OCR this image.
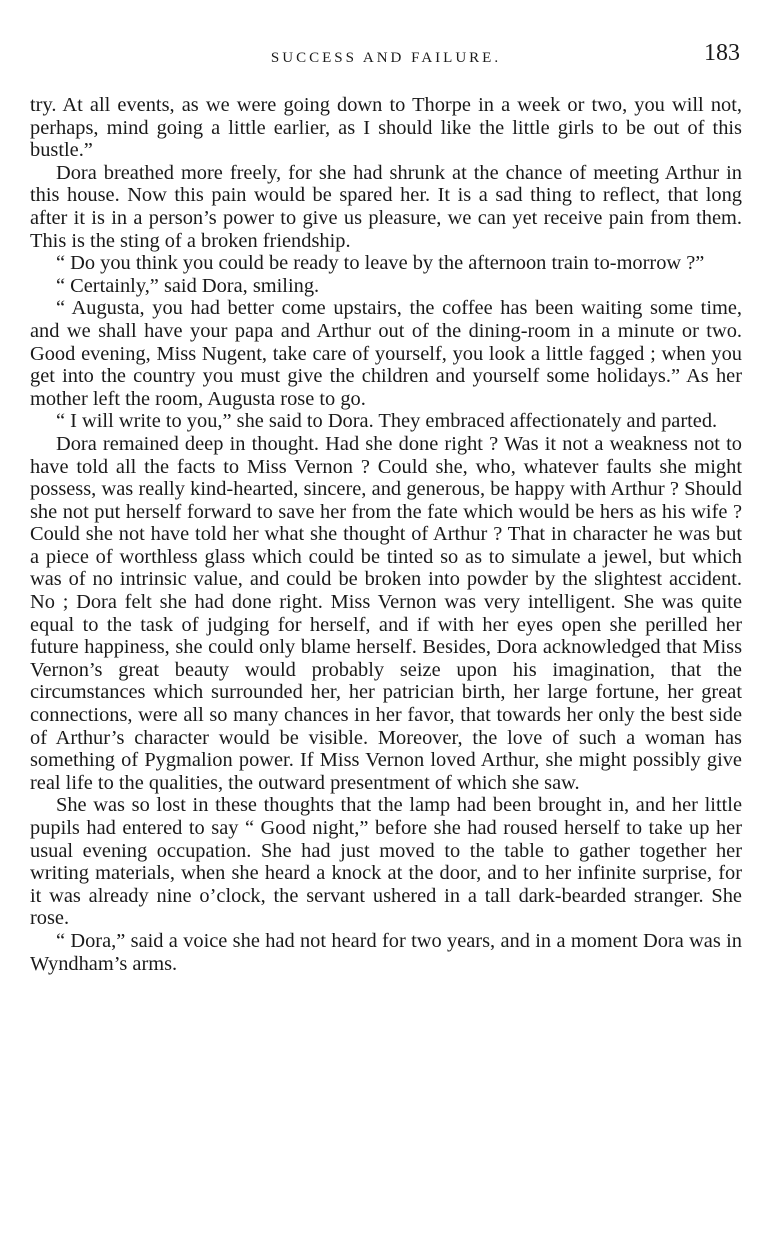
SUCCESS AND FAILURE.	183

try. At all events, as we were going down to Thorpe in a week or two, you will not, perhaps, mind going a little earlier, as I should like the little girls to be out of this bustle.”

Dora breathed more freely, for she had shrunk at the chance of meeting Arthur in this house. Now this pain would be spared her. It is a sad thing to reflect, that long after it is in a person’s power to give us pleasure, we can yet receive pain from them. This is the sting of a broken friendship.

“ Do you think you could be ready to leave by the afternoon train to-morrow ?”

“ Certainly,” said Dora, smiling.

“ Augusta, you had better come upstairs, the coffee has been waiting some time, and we shall have your papa and Arthur out of the dining-room in a minute or two. Good evening, Miss Nugent, take care of yourself, you look a little fagged ; when you get into the country you must give the children and yourself some holidays.” As her mother left the room, Augusta rose to go.

“ I will write to you,” she said to Dora. They embraced affectionately and parted.

Dora remained deep in thought. Had she done right ? Was it not a weakness not to have told all the facts to Miss Vernon ? Could she, who, whatever faults she might possess, was really kind-hearted, sincere, and generous, be happy with Arthur ? Should she not put herself forward to save her from the fate which would be hers as his wife ? Could she not have told her what she thought of Arthur ? That in character he was but a piece of worthless glass which could be tinted so as to simulate a jewel, but which was of no intrinsic value, and could be broken into powder by the slightest accident. No ; Dora felt she had done right. Miss Vernon was very intelligent. She was quite equal to the task of judging for herself, and if with her eyes open she perilled her future happiness, she could only blame herself. Besides, Dora acknowledged that Miss Vernon’s great beauty would probably seize upon his imagination, that the circumstances which surrounded her, her patrician birth, her large fortune, her great connections, were all so many chances in her favor, that towards her only the best side of Arthur’s character would be visible. Moreover, the love of such a woman has something of Pygmalion power. If Miss Vernon loved Arthur, she might possibly give real life to the qualities, the outward presentment of which she saw.

She was so lost in these thoughts that the lamp had been brought in, and her little pupils had entered to say “ Good night,” before she had roused herself to take up her usual evening occupation. She had just moved to the table to gather together her writing materials, when she heard a knock at the door, and to her infinite surprise, for it was already nine o’clock, the servant ushered in a tall dark-bearded stranger. She rose.

“ Dora,” said a voice she had not heard for two years, and in a moment Dora was in Wyndham’s arms.
